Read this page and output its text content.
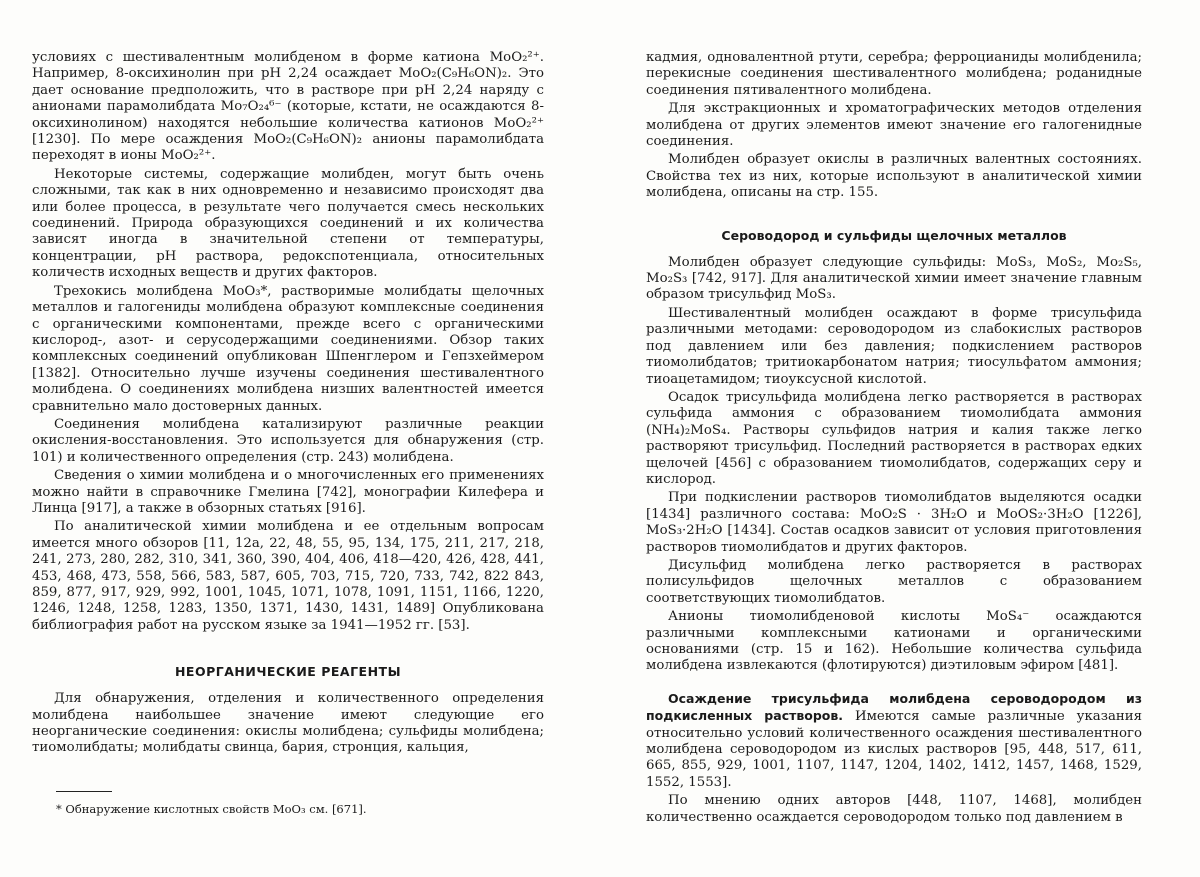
условиях с шестивалентным молибденом в форме катиона MoO₂²⁺. Например, 8-оксихинолин при pH 2,24 осаждает MoO₂(C₉H₆ON)₂. Это дает основание предположить, что в растворе при pH 2,24 наряду с анионами парамолибдата Mo₇O₂₄⁶⁻ (которые, кстати, не осаждаются 8-оксихинолином) находятся небольшие количества катионов MoO₂²⁺ [1230]. По мере осаждения MoO₂(C₉H₆ON)₂ анионы парамолибдата переходят в ионы MoO₂²⁺.

Некоторые системы, содержащие молибден, могут быть очень сложными, так как в них одновременно и независимо происходят два или более процесса, в результате чего получается смесь нескольких соединений. Природа образующихся соединений и их количества зависят иногда в значительной степени от температуры, концентрации, pH раствора, редокспотенциала, относительных количеств исходных веществ и других факторов.

Трехокись молибдена MoO₃*, растворимые молибдаты щелочных металлов и галогениды молибдена образуют комплексные соединения с органическими компонентами, прежде всего с органическими кислород-, азот- и серусодержащими соединениями. Обзор таких комплексных соединений опубликован Шпенглером и Гепзхеймером [1382]. Относительно лучше изучены соединения шестивалентного молибдена. О соединениях молибдена низших валентностей имеется сравнительно мало достоверных данных.

Соединения молибдена катализируют различные реакции окисления-восстановления. Это используется для обнаружения (стр. 101) и количественного определения (стр. 243) молибдена.

Сведения о химии молибдена и о многочисленных его применениях можно найти в справочнике Гмелина [742], монографии Килефера и Линца [917], а также в обзорных статьях [916].

По аналитической химии молибдена и ее отдельным вопросам имеется много обзоров [11, 12а, 22, 48, 55, 95, 134, 175, 211, 217, 218, 241, 273, 280, 282, 310, 341, 360, 390, 404, 406, 418—420, 426, 428, 441, 453, 468, 473, 558, 566, 583, 587, 605, 703, 715, 720, 733, 742, 822 843, 859, 877, 917, 929, 992, 1001, 1045, 1071, 1078, 1091, 1151, 1166, 1220, 1246, 1248, 1258, 1283, 1350, 1371, 1430, 1431, 1489] Опубликована библиография работ на русском языке за 1941—1952 гг. [53].

НЕОРГАНИЧЕСКИЕ РЕАГЕНТЫ

Для обнаружения, отделения и количественного определения молибдена наибольшее значение имеют следующие его неорганические соединения: окислы молибдена; сульфиды молибдена; тиомолибдаты; молибдаты свинца, бария, стронция, кальция,

* Обнаружение кислотных свойств MoO₃ см. [671].

кадмия, одновалентной ртути, серебра; ферроцианиды молибденила; перекисные соединения шестивалентного молибдена; роданидные соединения пятивалентного молибдена.

Для экстракционных и хроматографических методов отделения молибдена от других элементов имеют значение его галогенидные соединения.

Молибден образует окислы в различных валентных состояниях. Свойства тех из них, которые используют в аналитической химии молибдена, описаны на стр. 155.

Сероводород и сульфиды щелочных металлов

Молибден образует следующие сульфиды: MoS₃, MoS₂, Mo₂S₅, Mo₂S₃ [742, 917]. Для аналитической химии имеет значение главным образом трисульфид MoS₃.

Шестивалентный молибден осаждают в форме трисульфида различными методами: сероводородом из слабокислых растворов под давлением или без давления; подкислением растворов тиомолибдатов; тритиокарбонатом натрия; тиосульфатом аммония; тиоацетамидом; тиоуксусной кислотой.

Осадок трисульфида молибдена легко растворяется в растворах сульфида аммония с образованием тиомолибдата аммония (NH₄)₂MoS₄. Растворы сульфидов натрия и калия также легко растворяют трисульфид. Последний растворяется в растворах едких щелочей [456] с образованием тиомолибдатов, содержащих серу и кислород.

При подкислении растворов тиомолибдатов выделяются осадки [1434] различного состава: MoO₂S · 3H₂O и MoOS₂·3H₂O [1226], MoS₃·2H₂O [1434]. Состав осадков зависит от условия приготовления растворов тиомолибдатов и других факторов.

Дисульфид молибдена легко растворяется в растворах полисульфидов щелочных металлов с образованием соответствующих тиомолибдатов.

Анионы тиомолибденовой кислоты MoS₄⁻ осаждаются различными комплексными катионами и органическими основаниями (стр. 15 и 162). Небольшие количества сульфида молибдена извлекаются (флотируются) диэтиловым эфиром [481].

Осаждение трисульфида молибдена сероводородом из подкисленных растворов. Имеются самые различные указания относительно условий количественного осаждения шестивалентного молибдена сероводородом из кислых растворов [95, 448, 517, 611, 665, 855, 929, 1001, 1107, 1147, 1204, 1402, 1412, 1457, 1468, 1529, 1552, 1553].

По мнению одних авторов [448, 1107, 1468], молибден количественно осаждается сероводородом только под давлением в
